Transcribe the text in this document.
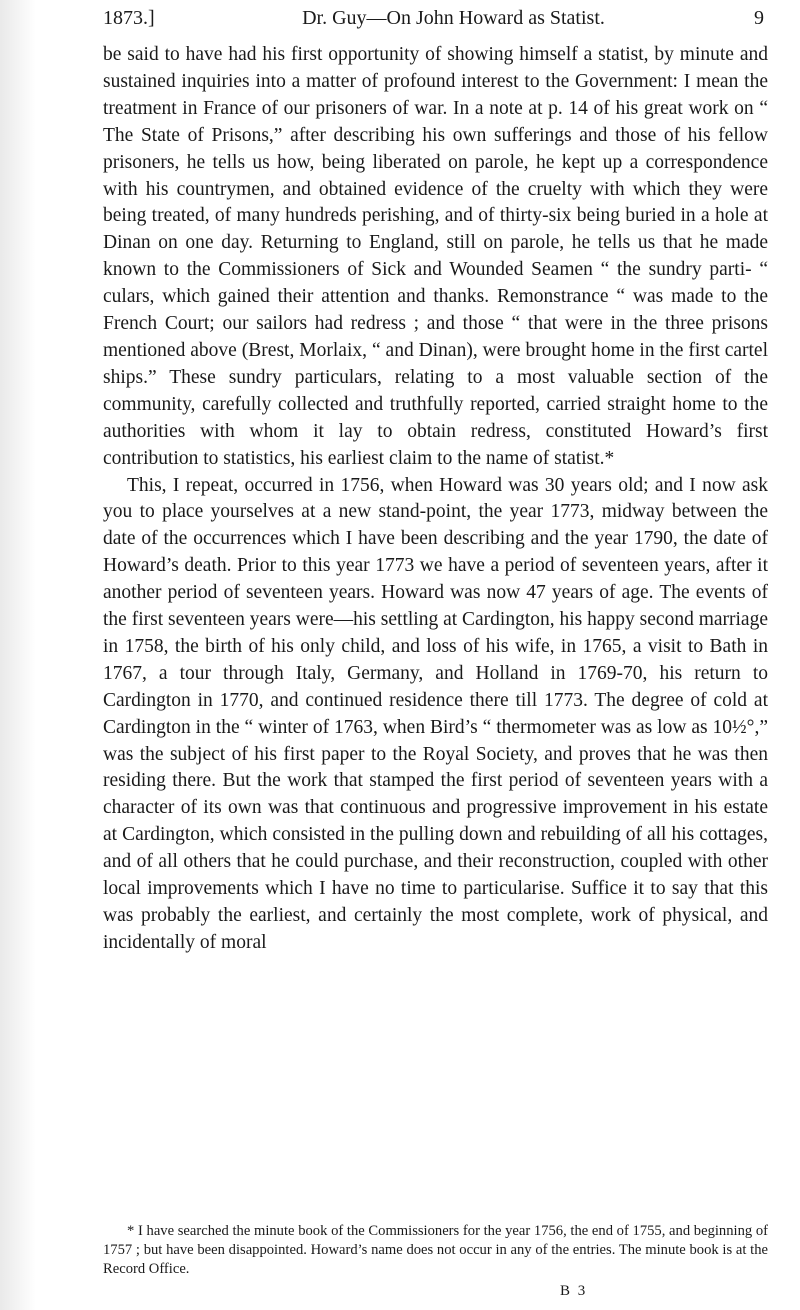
1873.]	Dr. Guy—On John Howard as Statist.	9

be said to have had his first opportunity of showing himself a statist, by minute and sustained inquiries into a matter of profound interest to the Government: I mean the treatment in France of our prisoners of war. In a note at p. 14 of his great work on “ The State of Prisons,” after describing his own sufferings and those of his fellow prisoners, he tells us how, being liberated on parole, he kept up a correspondence with his countrymen, and obtained evidence of the cruelty with which they were being treated, of many hundreds perishing, and of thirty-six being buried in a hole at Dinan on one day. Returning to England, still on parole, he tells us that he made known to the Commissioners of Sick and Wounded Seamen “ the sundry parti- “ culars, which gained their attention and thanks. Remonstrance “ was made to the French Court; our sailors had redress ; and those “ that were in the three prisons mentioned above (Brest, Morlaix, “ and Dinan), were brought home in the first cartel ships.” These sundry particulars, relating to a most valuable section of the community, carefully collected and truthfully reported, carried straight home to the authorities with whom it lay to obtain redress, constituted Howard’s first contribution to statistics, his earliest claim to the name of statist.*

This, I repeat, occurred in 1756, when Howard was 30 years old; and I now ask you to place yourselves at a new stand-point, the year 1773, midway between the date of the occurrences which I have been describing and the year 1790, the date of Howard’s death. Prior to this year 1773 we have a period of seventeen years, after it another period of seventeen years. Howard was now 47 years of age. The events of the first seventeen years were—his settling at Cardington, his happy second marriage in 1758, the birth of his only child, and loss of his wife, in 1765, a visit to Bath in 1767, a tour through Italy, Germany, and Holland in 1769-70, his return to Cardington in 1770, and continued residence there till 1773. The degree of cold at Cardington in the “ winter of 1763, when Bird’s “ thermometer was as low as 10½°,” was the subject of his first paper to the Royal Society, and proves that he was then residing there. But the work that stamped the first period of seventeen years with a character of its own was that continuous and progressive improvement in his estate at Cardington, which consisted in the pulling down and rebuilding of all his cottages, and of all others that he could purchase, and their reconstruction, coupled with other local improvements which I have no time to particularise. Suffice it to say that this was probably the earliest, and certainly the most complete, work of physical, and incidentally of moral

* I have searched the minute book of the Commissioners for the year 1756, the end of 1755, and beginning of 1757 ; but have been disappointed. Howard’s name does not occur in any of the entries. The minute book is at the Record Office.

B 3
